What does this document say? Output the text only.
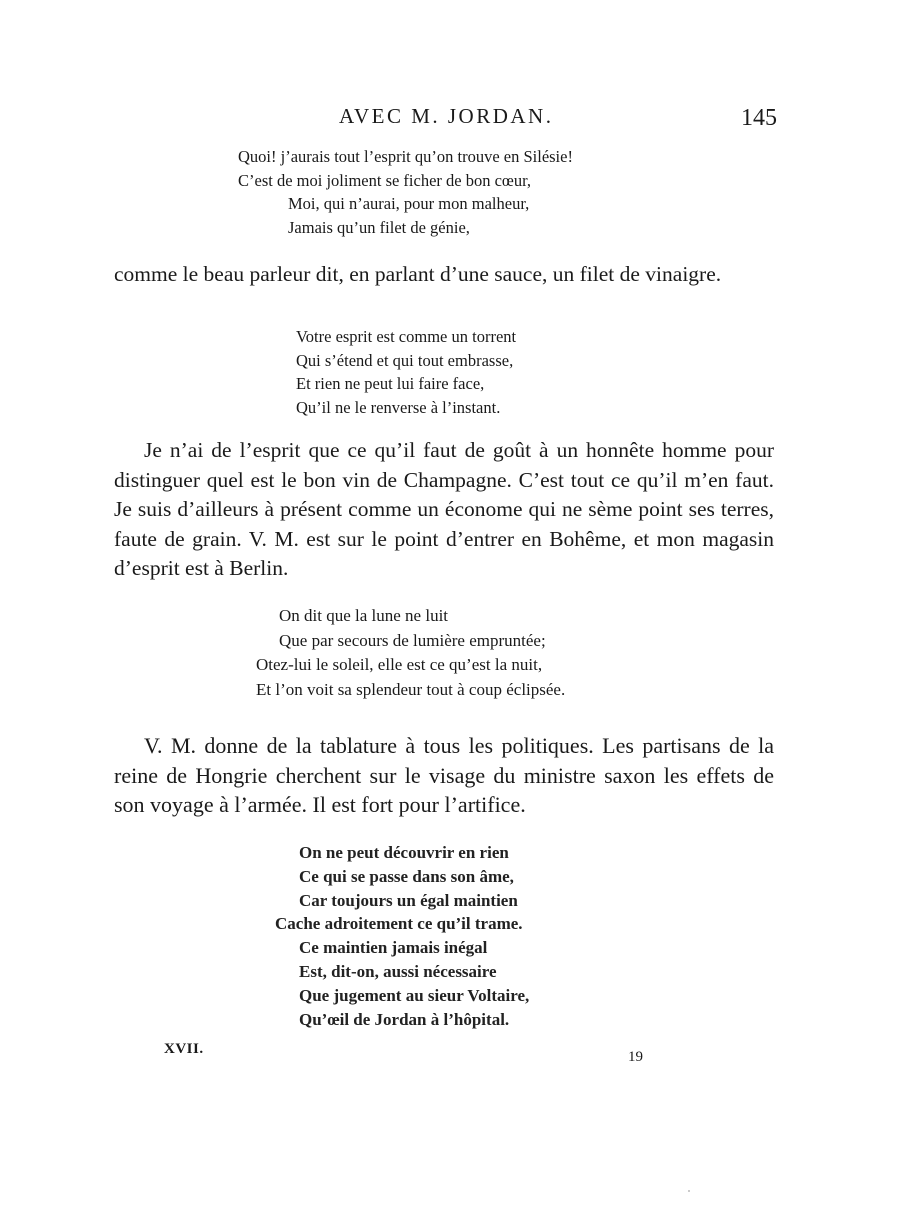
AVEC M. JORDAN.	145
Quoi! j’aurais tout l’esprit qu’on trouve en Silésie!
C’est de moi joliment se ficher de bon cœur,
Moi, qui n’aurai, pour mon malheur,
Jamais qu’un filet de génie,

comme le beau parleur dit, en parlant d’une sauce, un filet de vinaigre.

Votre esprit est comme un torrent
Qui s’étend et qui tout embrasse,
Et rien ne peut lui faire face,
Qu’il ne le renverse à l’instant.

Je n’ai de l’esprit que ce qu’il faut de goût à un honnête homme pour distinguer quel est le bon vin de Champagne. C’est tout ce qu’il m’en faut. Je suis d’ailleurs à présent comme un économe qui ne sème point ses terres, faute de grain. V. M. est sur le point d’entrer en Bohême, et mon magasin d’esprit est à Berlin.

On dit que la lune ne luit
Que par secours de lumière empruntée;
Otez-lui le soleil, elle est ce qu’est la nuit,
Et l’on voit sa splendeur tout à coup éclipsée.

V. M. donne de la tablature à tous les politiques. Les partisans de la reine de Hongrie cherchent sur le visage du ministre saxon les effets de son voyage à l’armée. Il est fort pour l’artifice.

On ne peut découvrir en rien
Ce qui se passe dans son âme,
Car toujours un égal maintien
Cache adroitement ce qu’il trame.
Ce maintien jamais inégal
Est, dit-on, aussi nécessaire
Que jugement au sieur Voltaire,
Qu’œil de Jordan à l’hôpital.
XVII.	19
